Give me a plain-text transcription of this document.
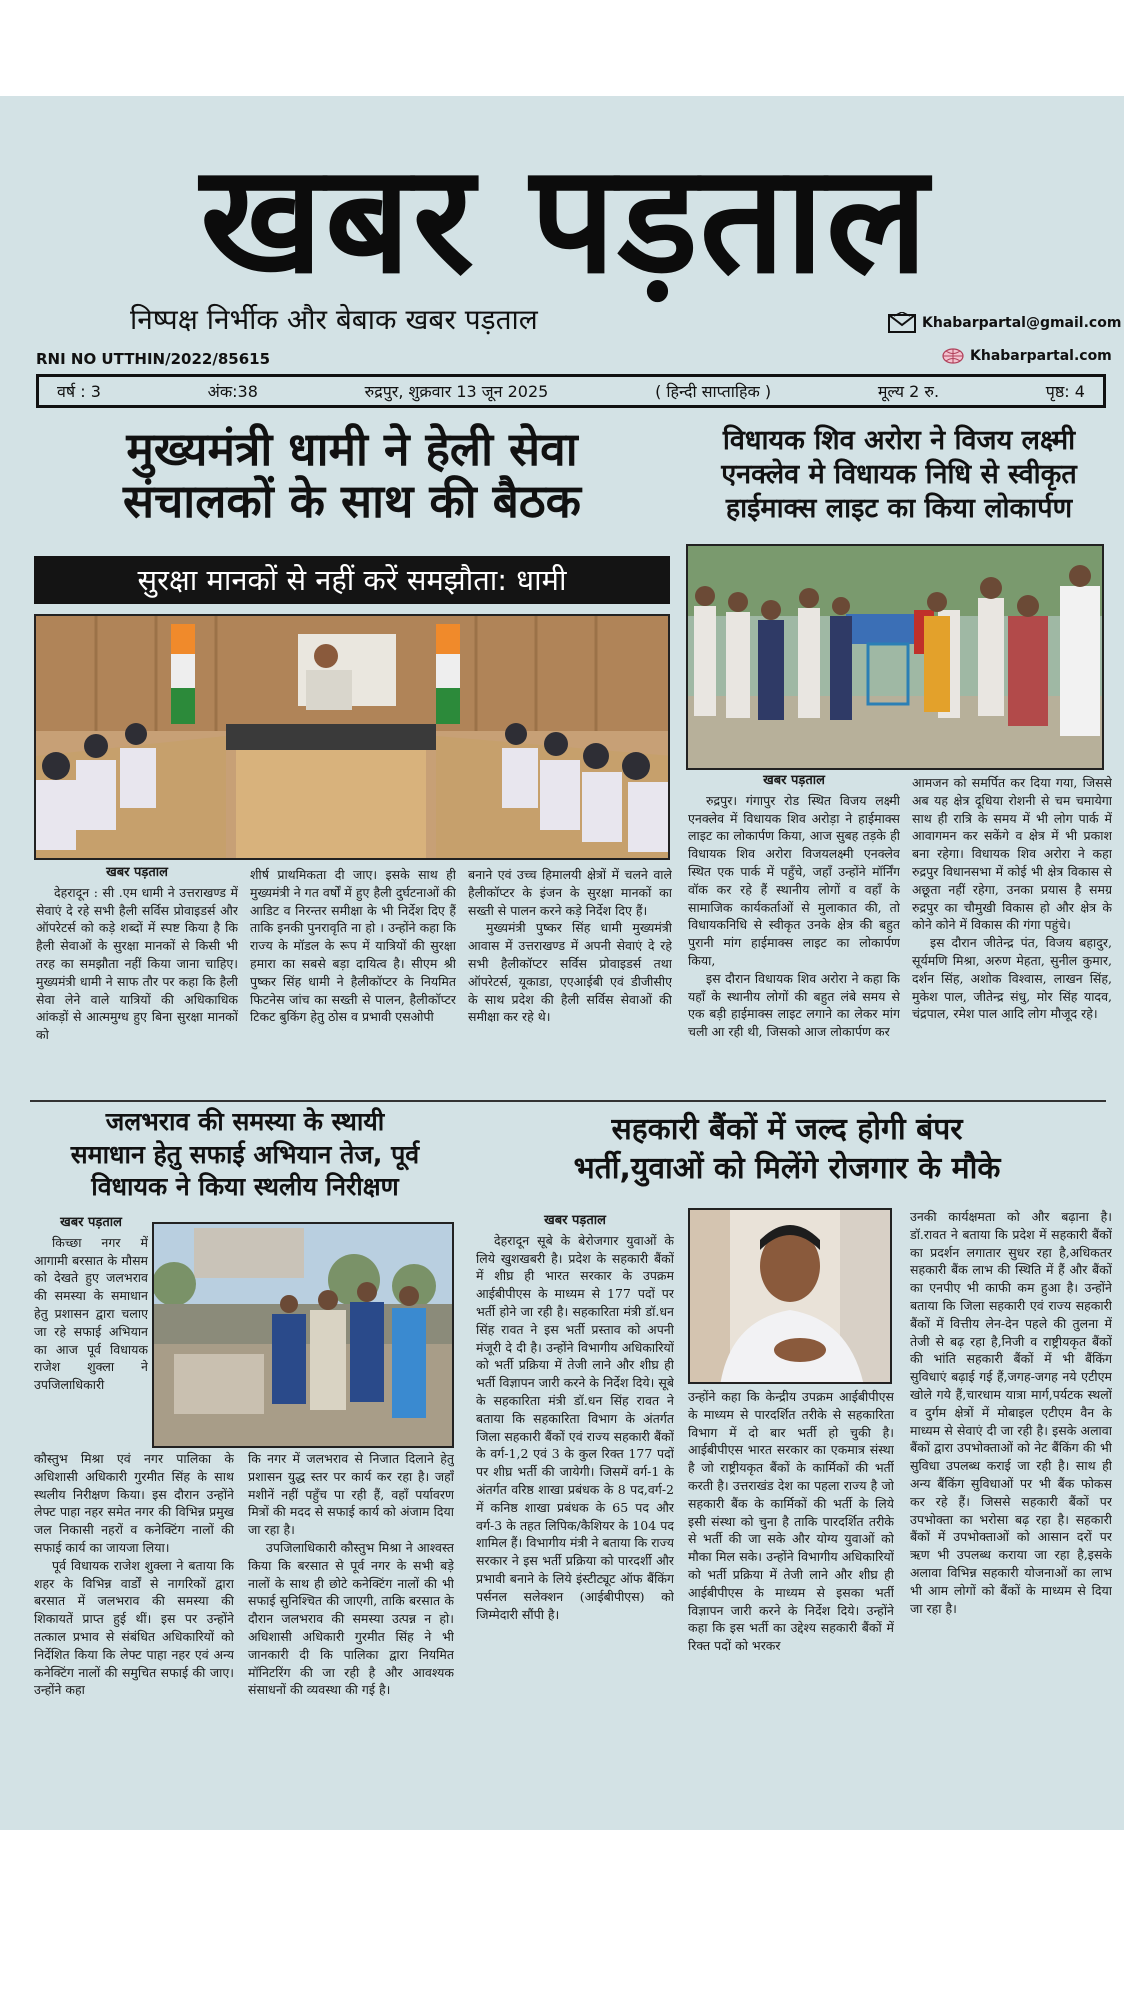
खबर पड़ताल
निष्पक्ष निर्भीक और बेबाक खबर पड़ताल	Khabarpartal@gmail.com
Khabarpartal.com
RNI NO UTTHIN/2022/85615
वर्ष : 3	अंक:38	रुद्रपुर, शुक्रवार 13 जून 2025	( हिन्दी साप्ताहिक )	मूल्य 2 रु.	पृष्ठ: 4
मुख्यमंत्री धामी ने हेली सेवा
संचालकों के साथ की बैठक
सुरक्षा मानकों से नहीं करें समझौता: धामी
खबर पड़ताल

देहरादून : सी .एम धामी ने उत्तराखण्ड में सेवाएं दे रहे सभी हैली सर्विस प्रोवाइडर्स और ऑपरेटर्स को कड़े शब्दों में स्पष्ट किया है कि हैली सेवाओं के सुरक्षा मानकों से किसी भी तरह का समझौता नहीं किया जाना चाहिए। मुख्यमंत्री धामी ने साफ तौर पर कहा कि हैली सेवा लेने वाले यात्रियों की अधिकाधिक आंकड़ों से आत्ममुग्ध हुए बिना सुरक्षा मानकों को

शीर्ष प्राथमिकता दी जाए। इसके साथ ही मुख्यमंत्री ने गत वर्षों में हुए हैली दुर्घटनाओं की आडिट व निरन्तर समीक्षा के भी निर्देश दिए हैं ताकि इनकी पुनरावृति ना हो । उन्होंने कहा कि राज्य के मॉडल के रूप में यात्रियों की सुरक्षा हमारा का सबसे बड़ा दायित्व है। सीएम श्री पुष्कर सिंह धामी ने हैलीकॉप्टर के नियमित फिटनेस जांच का सख्ती से पालन, हैलीकॉप्टर टिकट बुकिंग हेतु ठोस व प्रभावी एसओपी

बनाने एवं उच्च हिमालयी क्षेत्रों में चलने वाले हैलीकॉप्टर के इंजन के सुरक्षा मानकों का सख्ती से पालन करने कड़े निर्देश दिए हैं।

मुख्यमंत्री पुष्कर सिंह धामी मुख्यमंत्री आवास में उत्तराखण्ड में अपनी सेवाएं दे रहे सभी हैलीकॉप्टर सर्विस प्रोवाइडर्स तथा ऑपरेटर्स, यूकाडा, एएआईबी एवं डीजीसीए के साथ प्रदेश की हैली सर्विस सेवाओं की समीक्षा कर रहे थे।

विधायक शिव अरोरा ने विजय लक्ष्मी
एनक्लेव मे विधायक निधि से स्वीकृत
हाईमाक्स लाइट का किया लोकार्पण
खबर पड़ताल

रुद्रपुर। गंगापुर रोड स्थित विजय लक्ष्मी एनक्लेव में विधायक शिव अरोड़ा ने हाईमाक्स लाइट का लोकार्पण किया, आज सुबह तड़के ही विधायक शिव अरोरा विजयलक्ष्मी एनक्लेव स्थित एक पार्क में पहुँचे, जहाँ उन्होंने मॉर्निंग वॉक कर रहे हैं स्थानीय लोगों व वहाँ के सामाजिक कार्यकर्ताओं से मुलाकात की, तो विधायकनिधि से स्वीकृत उनके क्षेत्र की बहुत पुरानी मांग हाईमाक्स लाइट का लोकार्पण किया,

इस दौरान विधायक शिव अरोरा ने कहा कि यहाँ के स्थानीय लोगों की बहुत लंबे समय से एक बड़ी हाईमाक्स लाइट लगाने का लेकर मांग चली आ रही थी, जिसको आज लोकार्पण कर

आमजन को समर्पित कर दिया गया, जिससे अब यह क्षेत्र दूधिया रोशनी से चम चमायेगा साथ ही रात्रि के समय में भी लोग पार्क में आवागमन कर सकेंगे व क्षेत्र में भी प्रकाश बना रहेगा। विधायक शिव अरोरा ने कहा रुद्रपुर विधानसभा में कोई भी क्षेत्र विकास से अछूता नहीं रहेगा, उनका प्रयास है समग्र रुद्रपुर का चौमुखी विकास हो और क्षेत्र के कोने कोने में विकास की गंगा पहुंचे।

इस दौरान जीतेन्द्र पंत, विजय बहादुर, सूर्यमणि मिश्रा, अरुण मेहता, सुनील कुमार, दर्शन सिंह, अशोक विश्वास, लाखन सिंह, मुकेश पाल, जीतेन्द्र संधु, मोर सिंह यादव, चंद्रपाल, रमेश पाल आदि लोग मौजूद रहे।

जलभराव की समस्या के स्थायी
समाधान हेतु सफाई अभियान तेज, पूर्व
विधायक ने किया स्थलीय निरीक्षण
खबर पड़ताल

किच्छा नगर में आगामी बरसात के मौसम को देखते हुए जलभराव की समस्या के समाधान हेतु प्रशासन द्वारा चलाए जा रहे सफाई अभियान का आज पूर्व विधायक राजेश शुक्ला ने उपजिलाधिकारी

कौस्तुभ मिश्रा एवं नगर पालिका के अधिशासी अधिकारी गुरमीत सिंह के साथ स्थलीय निरीक्षण किया। इस दौरान उन्होंने लेफ्ट पाहा नहर समेत नगर की विभिन्न प्रमुख जल निकासी नहरों व कनेक्टिंग नालों की सफाई कार्य का जायजा लिया।

पूर्व विधायक राजेश शुक्ला ने बताया कि शहर के विभिन्न वार्डों से नागरिकों द्वारा बरसात में जलभराव की समस्या की शिकायतें प्राप्त हुई थीं। इस पर उन्होंने तत्काल प्रभाव से संबंधित अधिकारियों को निर्देशित किया कि लेफ्ट पाहा नहर एवं अन्य कनेक्टिंग नालों की समुचित सफाई की जाए। उन्होंने कहा

कि नगर में जलभराव से निजात दिलाने हेतु प्रशासन युद्ध स्तर पर कार्य कर रहा है। जहाँ मशीनें नहीं पहुँच पा रही हैं, वहाँ पर्यावरण मित्रों की मदद से सफाई कार्य को अंजाम दिया जा रहा है।

उपजिलाधिकारी कौस्तुभ मिश्रा ने आश्वस्त किया कि बरसात से पूर्व नगर के सभी बड़े नालों के साथ ही छोटे कनेक्टिंग नालों की भी सफाई सुनिश्चित की जाएगी, ताकि बरसात के दौरान जलभराव की समस्या उत्पन्न न हो। अधिशासी अधिकारी गुरमीत सिंह ने भी जानकारी दी कि पालिका द्वारा नियमित मॉनिटरिंग की जा रही है और आवश्यक संसाधनों की व्यवस्था की गई है।

सहकारी बैंकों में जल्द होगी बंपर
भर्ती,युवाओं को मिलेंगे रोजगार के मौके
खबर पड़ताल

देहरादून सूबे के बेरोजगार युवाओं के लिये खुशखबरी है। प्रदेश के सहकारी बैंकों में शीघ्र ही भारत सरकार के उपक्रम आईबीपीएस के माध्यम से 177 पदों पर भर्ती होने जा रही है। सहकारिता मंत्री डॉ.धन सिंह रावत ने इस भर्ती प्रस्ताव को अपनी मंजूरी दे दी है। उन्होंने विभागीय अधिकारियों को भर्ती प्रक्रिया में तेजी लाने और शीघ्र ही भर्ती विज्ञापन जारी करने के निर्देश दिये। सूबे के सहकारिता मंत्री डॉ.धन सिंह रावत ने बताया कि सहकारिता विभाग के अंतर्गत जिला सहकारी बैंकों एवं राज्य सहकारी बैंकों के वर्ग-1,2 एवं 3 के कुल रिक्त 177 पदों पर शीघ्र भर्ती की जायेगी। जिसमें वर्ग-1 के अंतर्गत वरिष्ठ शाखा प्रबंधक के 8 पद,वर्ग-2 में कनिष्ठ शाखा प्रबंधक के 65 पद और वर्ग-3 के तहत लिपिक/कैशियर के 104 पद शामिल हैं। विभागीय मंत्री ने बताया कि राज्य सरकार ने इस भर्ती प्रक्रिया को पारदर्शी और प्रभावी बनाने के लिये इंस्टीट्यूट ऑफ बैंकिंग पर्सनल सलेक्शन (आईबीपीएस) को जिम्मेदारी सौंपी है।

उन्होंने कहा कि केन्द्रीय उपक्रम आईबीपीएस के माध्यम से पारदर्शित तरीके से सहकारिता विभाग में दो बार भर्ती हो चुकी है। आईबीपीएस भारत सरकार का एकमात्र संस्था है जो राष्ट्रीयकृत बैंकों के कार्मिकों की भर्ती करती है। उत्तराखंड देश का पहला राज्य है जो सहकारी बैंक के कार्मिकों की भर्ती के लिये इसी संस्था को चुना है ताकि पारदर्शित तरीके से भर्ती की जा सके और योग्य युवाओं को मौका मिल सके। उन्होंने विभागीय अधिकारियों को भर्ती प्रक्रिया में तेजी लाने और शीघ्र ही आईबीपीएस के माध्यम से इसका भर्ती विज्ञापन जारी करने के निर्देश दिये। उन्होंने कहा कि इस भर्ती का उद्देश्य सहकारी बैंकों में रिक्त पदों को भरकर

उनकी कार्यक्षमता को और बढ़ाना है। डॉ.रावत ने बताया कि प्रदेश में सहकारी बैंकों का प्रदर्शन लगातार सुधर रहा है,अधिकतर सहकारी बैंक लाभ की स्थिति में हैं और बैंकों का एनपीए भी काफी कम हुआ है। उन्होंने बताया कि जिला सहकारी एवं राज्य सहकारी बैंकों में वित्तीय लेन-देन पहले की तुलना में तेजी से बढ़ रहा है,निजी व राष्ट्रीयकृत बैंकों की भांति सहकारी बैंकों में भी बैंकिंग सुविधाएं बढ़ाई गई हैं,जगह-जगह नये एटीएम खोले गये हैं,चारधाम यात्रा मार्ग,पर्यटक स्थलों व दुर्गम क्षेत्रों में मोबाइल एटीएम वैन के माध्यम से सेवाएं दी जा रही है। इसके अलावा बैंकों द्वारा उपभोक्ताओं को नेट बैंकिंग की भी सुविधा उपलब्ध कराई जा रही है। साथ ही अन्य बैंकिंग सुविधाओं पर भी बैंक फोकस कर रहे हैं। जिससे सहकारी बैंकों पर उपभोक्ता का भरोसा बढ़ रहा है। सहकारी बैंकों में उपभोक्ताओं को आसान दरों पर ऋण भी उपलब्ध कराया जा रहा है,इसके अलावा विभिन्न सहकारी योजनाओं का लाभ भी आम लोगों को बैंकों के माध्यम से दिया जा रहा है।
